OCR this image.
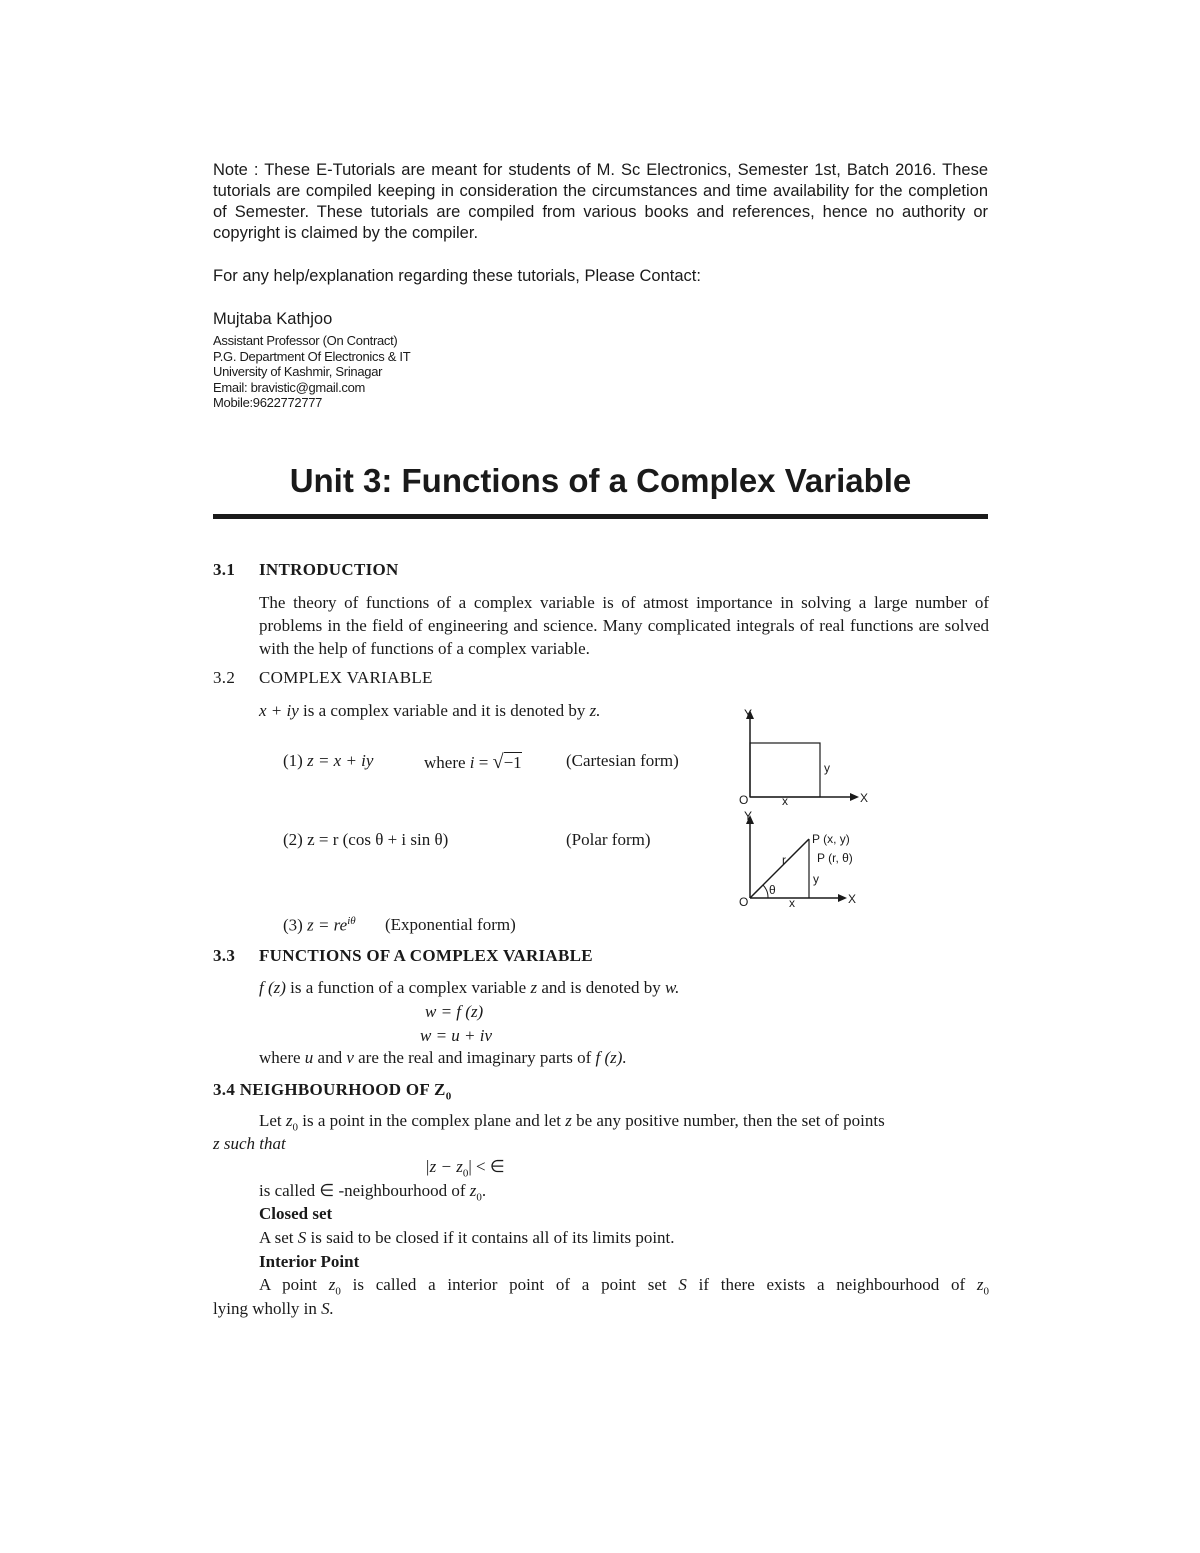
Note : These E-Tutorials are meant for students of M. Sc Electronics, Semester 1st, Batch 2016. These tutorials are compiled keeping in consideration the circumstances and time availability for the completion of Semester. These tutorials are compiled from various books and references, hence no authority or copyright is claimed by the compiler.
For any help/explanation regarding these tutorials, Please Contact:
Mujtaba Kathjoo
Assistant Professor (On Contract)
P.G. Department Of Electronics & IT
University of Kashmir, Srinagar
Email: bravistic@gmail.com
Mobile:9622772777
Unit 3: Functions of a Complex Variable
3.1 INTRODUCTION
The theory of functions of a complex variable is of atmost importance in solving a large number of problems in the field of engineering and science. Many complicated integrals of real functions are solved with the help of functions of a complex variable.
3.2 COMPLEX VARIABLE
x + iy is a complex variable and it is denoted by z.
(1) z = x + iy	where i = √−1	(Cartesian form)
(2) z = r (cos θ + i sin θ)	(Polar form)
(3) $z = re^{i\theta}$ (Exponential form)
Y
X
O	x
y
Y
X
O	x
y
r
θ
P (x, y)
P (r, θ)
3.3 FUNCTIONS OF A COMPLEX VARIABLE
f (z) is a function of a complex variable z and is denoted by w.
w = f (z)
w = u + iv
where u and v are the real and imaginary parts of f (z).
3.4 NEIGHBOURHOOD OF $Z_0$
Let $z_0$ is a point in the complex plane and let z be any positive number, then the set of points
z such that
$|z - z_0|$ < ∈
is called ∈ -neighbourhood of $z_0$.
Closed set
A set S is said to be closed if it contains all of its limits point.
Interior Point
A point $z_0$ is called a interior point of a point set S if there exists a neighbourhood of $z_0$
lying wholly in S.
